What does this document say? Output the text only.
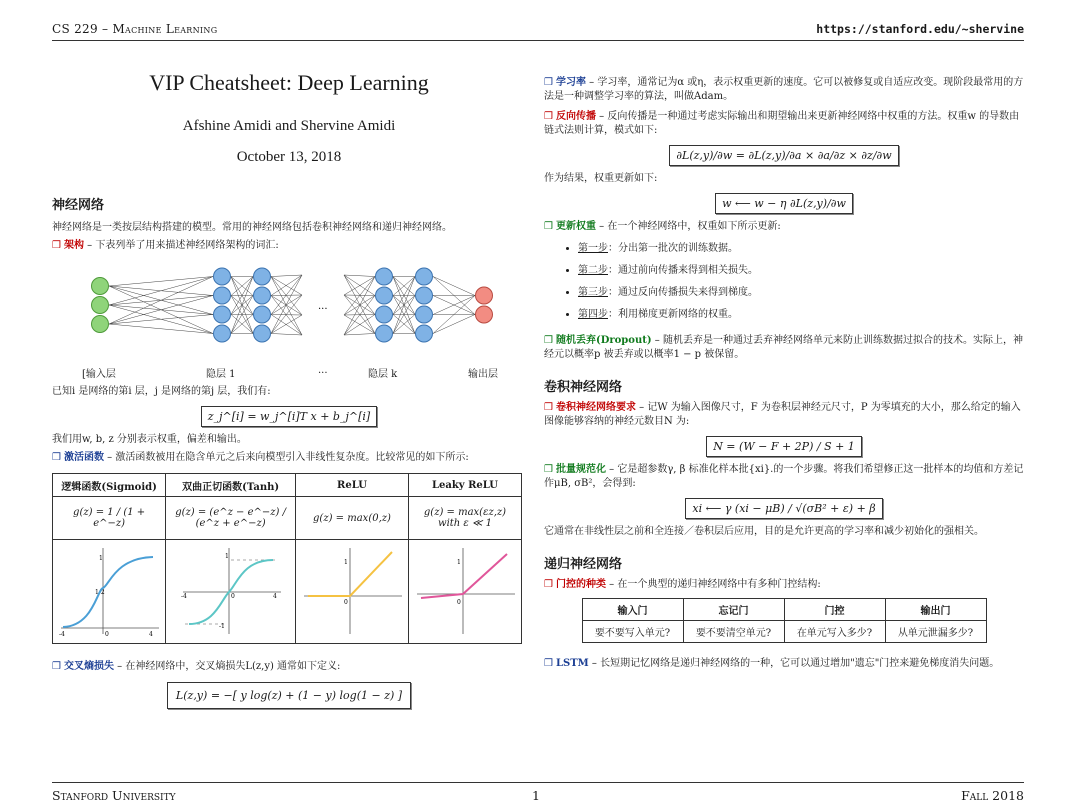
CS 229 – Machine Learning	https://stanford.edu/~shervine
VIP Cheatsheet: Deep Learning
Afshine Amidi and Shervine Amidi
October 13, 2018
神经网络
神经网络是一类按层结构搭建的模型。常用的神经网络包括卷积神经网络和递归神经网络。
❒ 架构 – 下表列举了用来描述神经网络架构的词汇:
...
[输入层	隐层 1	...	隐层 k	输出层
已知i 是网络的第i 层，j 是网络的第j 层，我们有:
z_j^[i] = w_j^[i]T x + b_j^[i]
我们用w, b, z 分别表示权重，偏差和输出。
❒ 激活函数 – 激活函数被用在隐含单元之后来向模型引入非线性复杂度。比较常见的如下所示:
逻辑函数(Sigmoid)	双曲正切函数(Tanh)	ReLU	Leaky ReLU
g(z) = 1 / (1 + e^−z)	g(z) = (e^z − e^−z) / (e^z + e^−z)	g(z) = max(0,z)	g(z) = max(εz,z)
with ε ≪ 1

1
1/2
0
-4 4	1
-1
-4 4
0	1
0	1
0
❒ 交叉熵损失 – 在神经网络中，交叉熵损失L(z,y) 通常如下定义:
L(z,y) = −[ y log(z) + (1 − y) log(1 − z) ]
❒ 学习率 – 学习率，通常记为α 或η，表示权重更新的速度。它可以被修复或自适应改变。现阶段最常用的方法是一种调整学习率的算法，叫做Adam。
❒ 反向传播 – 反向传播是一种通过考虑实际输出和期望输出来更新神经网络中权重的方法。权重w 的导数由链式法则计算，模式如下:
∂L(z,y)/∂w = ∂L(z,y)/∂a × ∂a/∂z × ∂z/∂w
作为结果，权重更新如下:
w ⟵ w − η ∂L(z,y)/∂w
❒ 更新权重 – 在一个神经网络中，权重如下所示更新:
• 第一步：分出第一批次的训练数据。
• 第二步：通过前向传播来得到相关损失。
• 第三步：通过反向传播损失来得到梯度。
• 第四步：利用梯度更新网络的权重。
❒ 随机丢弃(Dropout) – 随机丢弃是一种通过丢弃神经网络单元来防止训练数据过拟合的技术。实际上，神经元以概率p 被丢弃或以概率1 − p 被保留。
卷积神经网络
❒ 卷积神经网络要求 – 记W 为输入图像尺寸，F 为卷积层神经元尺寸，P 为零填充的大小，那么给定的输入图像能够容纳的神经元数目N 为:
N = (W − F + 2P) / S + 1
❒ 批量规范化 – 它是超参数γ, β 标准化样本批{xi}.的一个步骤。将我们希望修正这一批样本的均值和方差记作μB, σB²，会得到:
xi ⟵ γ (xi − μB) / √(σB² + ε) + β
它通常在非线性层之前和全连接／卷积层后应用，目的是允许更高的学习率和减少初始化的强相关。
递归神经网络
❒ 门控的种类 – 在一个典型的递归神经网络中有多种门控结构:
输入门	忘记门	门控	输出门
要不要写入单元?	要不要清空单元?	在单元写入多少?	从单元泄漏多少?
❒ LSTM – 长短期记忆网络是递归神经网络的一种，它可以通过增加"遗忘"门控来避免梯度消失问题。
Stanford University	1	Fall 2018
